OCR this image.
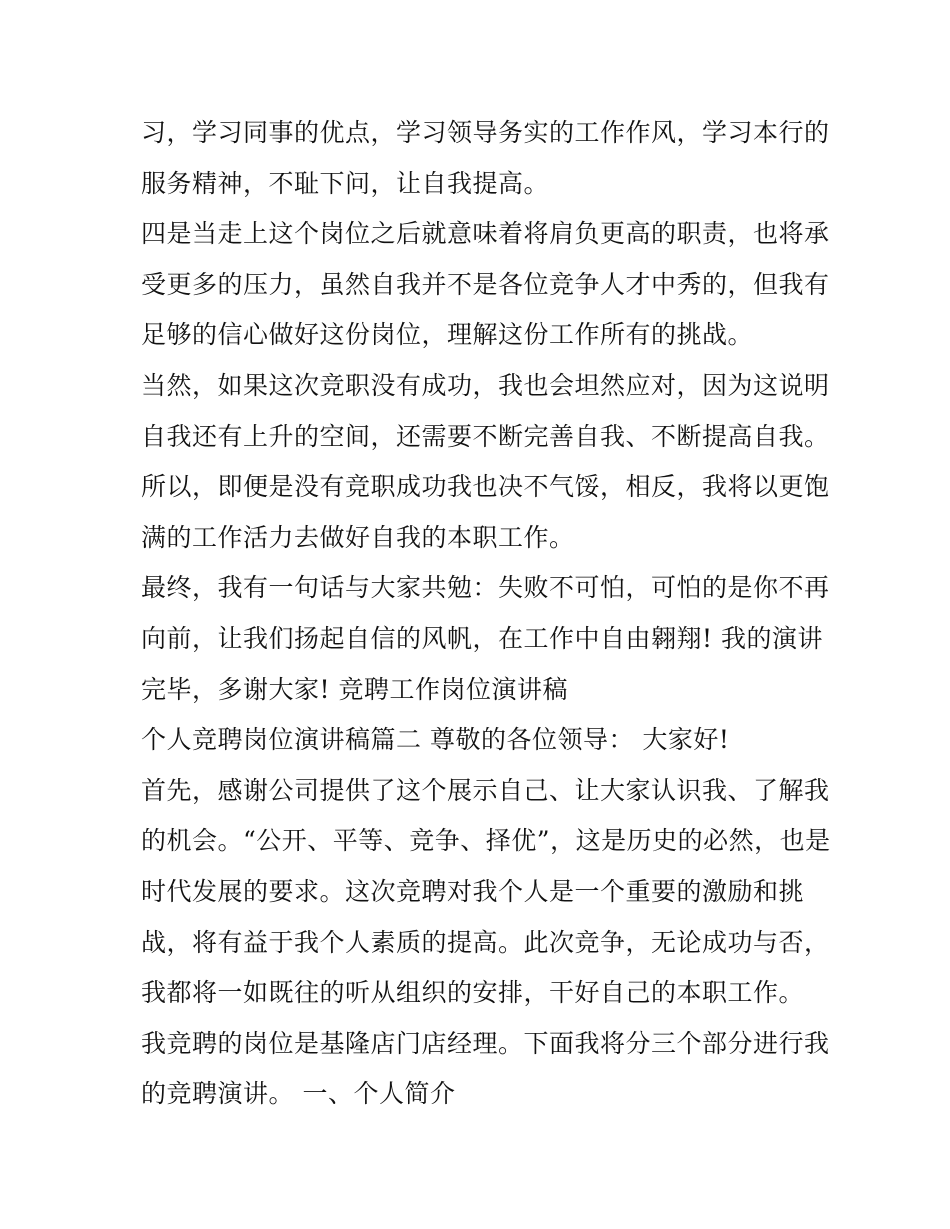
习，学习同事的优点，学习领导务实的工作作风，学习本行的
服务精神，不耻下问，让自我提高。
四是当走上这个岗位之后就意味着将肩负更高的职责，也将承
受更多的压力，虽然自我并不是各位竞争人才中秀的，但我有
足够的信心做好这份岗位，理解这份工作所有的挑战。
当然，如果这次竞职没有成功，我也会坦然应对，因为这说明
自我还有上升的空间，还需要不断完善自我、不断提高自我。
所以，即便是没有竞职成功我也决不气馁，相反，我将以更饱
满的工作活力去做好自我的本职工作。
最终，我有一句话与大家共勉：失败不可怕，可怕的是你不再
向前，让我们扬起自信的风帆，在工作中自由翱翔! 我的演讲
完毕，多谢大家! 竞聘工作岗位演讲稿
个人竞聘岗位演讲稿篇二 尊敬的各位领导： 大家好!
首先，感谢公司提供了这个展示自己、让大家认识我、了解我
的机会。“公开、平等、竞争、择优”，这是历史的必然，也是
时代发展的要求。这次竞聘对我个人是一个重要的激励和挑
战，将有益于我个人素质的提高。此次竞争，无论成功与否，
我都将一如既往的听从组织的安排，干好自己的本职工作。
我竞聘的岗位是基隆店门店经理。下面我将分三个部分进行我
的竞聘演讲。 一、个人简介
